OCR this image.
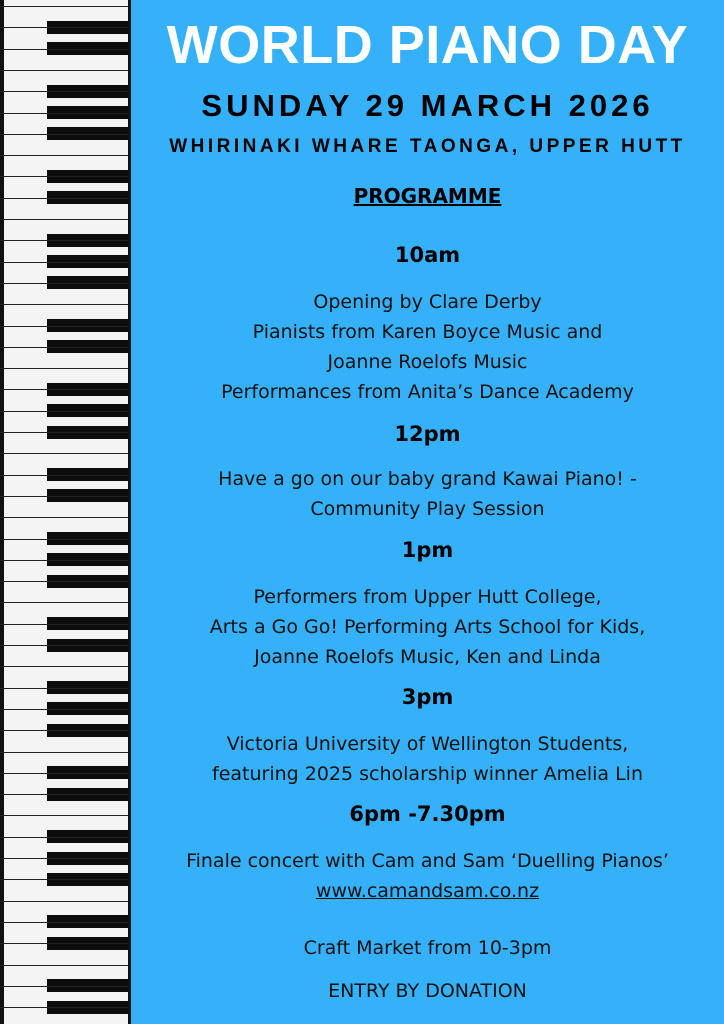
WORLD PIANO DAY
SUNDAY 29 MARCH 2026
WHIRINAKI WHARE TAONGA, UPPER HUTT
PROGRAMME
10am
Opening by Clare Derby
Pianists from Karen Boyce Music and
Joanne Roelofs Music
Performances from Anita’s Dance Academy
12pm
Have a go on our baby grand Kawai Piano! -
Community Play Session
1pm
Performers from Upper Hutt College,
Arts a Go Go! Performing Arts School for Kids,
Joanne Roelofs Music, Ken and Linda
3pm
Victoria University of Wellington Students,
featuring 2025 scholarship winner Amelia Lin
6pm -7.30pm
Finale concert with Cam and Sam ‘Duelling Pianos’
www.camandsam.co.nz
Craft Market from 10-3pm
ENTRY BY DONATION
